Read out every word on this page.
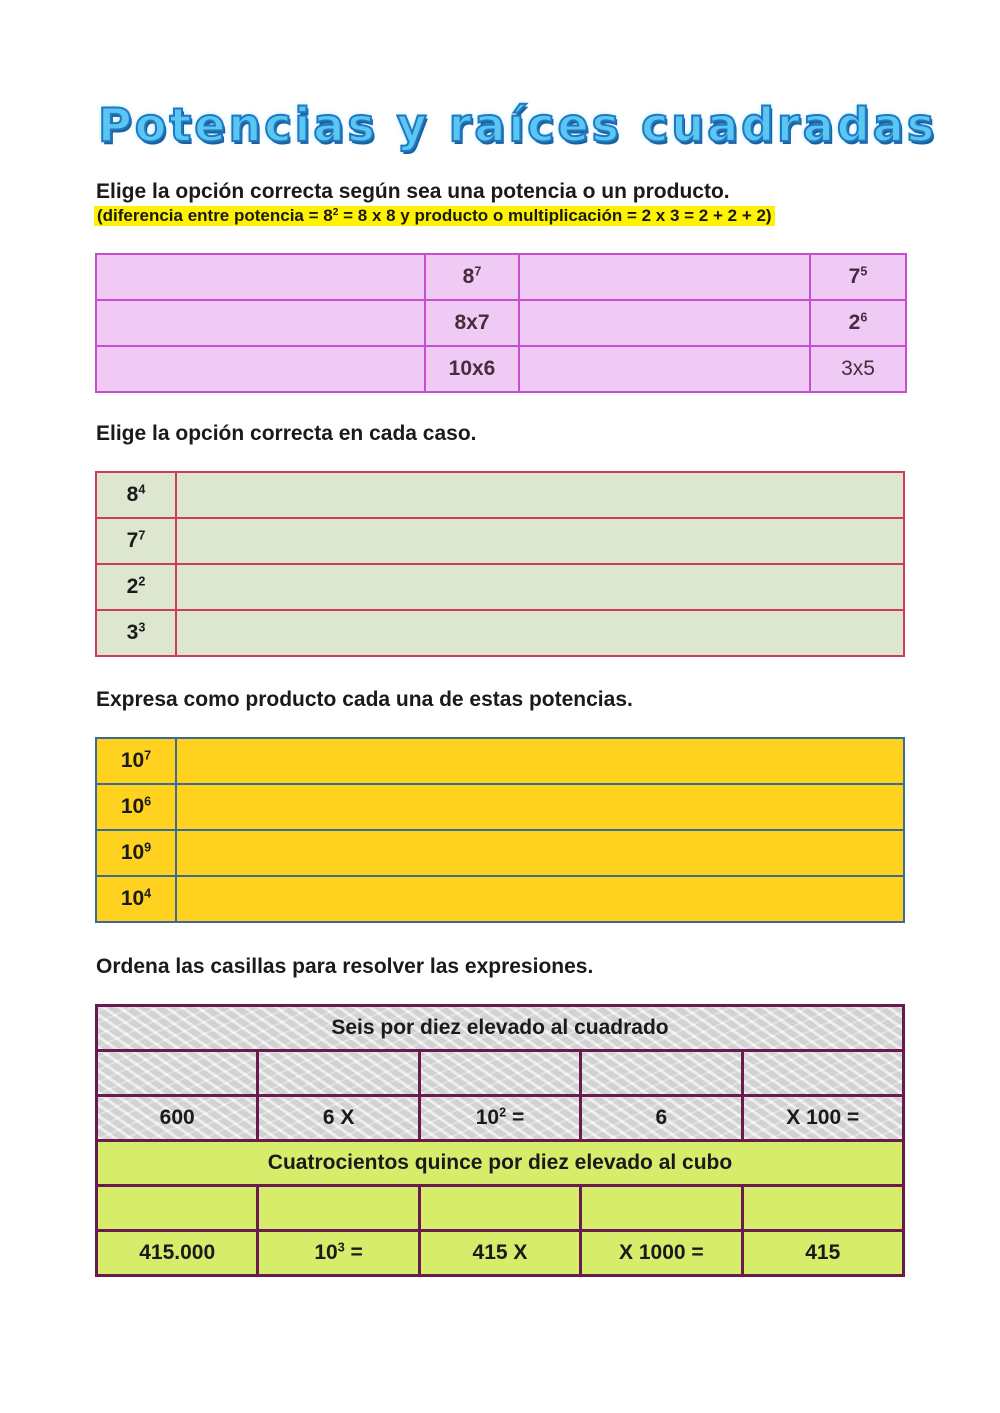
Potencias y raíces cuadradas
Elige la opción correcta según sea una potencia o un producto.
(diferencia entre potencia = $8^2 = 8$ x 8 y producto o multiplicación = 2 x 3 = 2 + 2 + 2)
	$8^7$		$7^5$
	8x7		$2^6$
	10x6		3x5
Elige la opción correcta en cada caso.
$8^4$	
$7^7$	
$2^2$	
$3^3$	
Expresa como producto cada una de estas potencias.
$10^7$	
$10^6$	
$10^9$	
$10^4$	
Ordena las casillas para resolver las expresiones.
Seis por diez elevado al cuadrado				

600	6 X	$10^2$ =	6	X 100 =
Cuatrocientos quince por diez elevado al cubo				

415.000	$10^3$ =	415 X	X 1000 =	415
